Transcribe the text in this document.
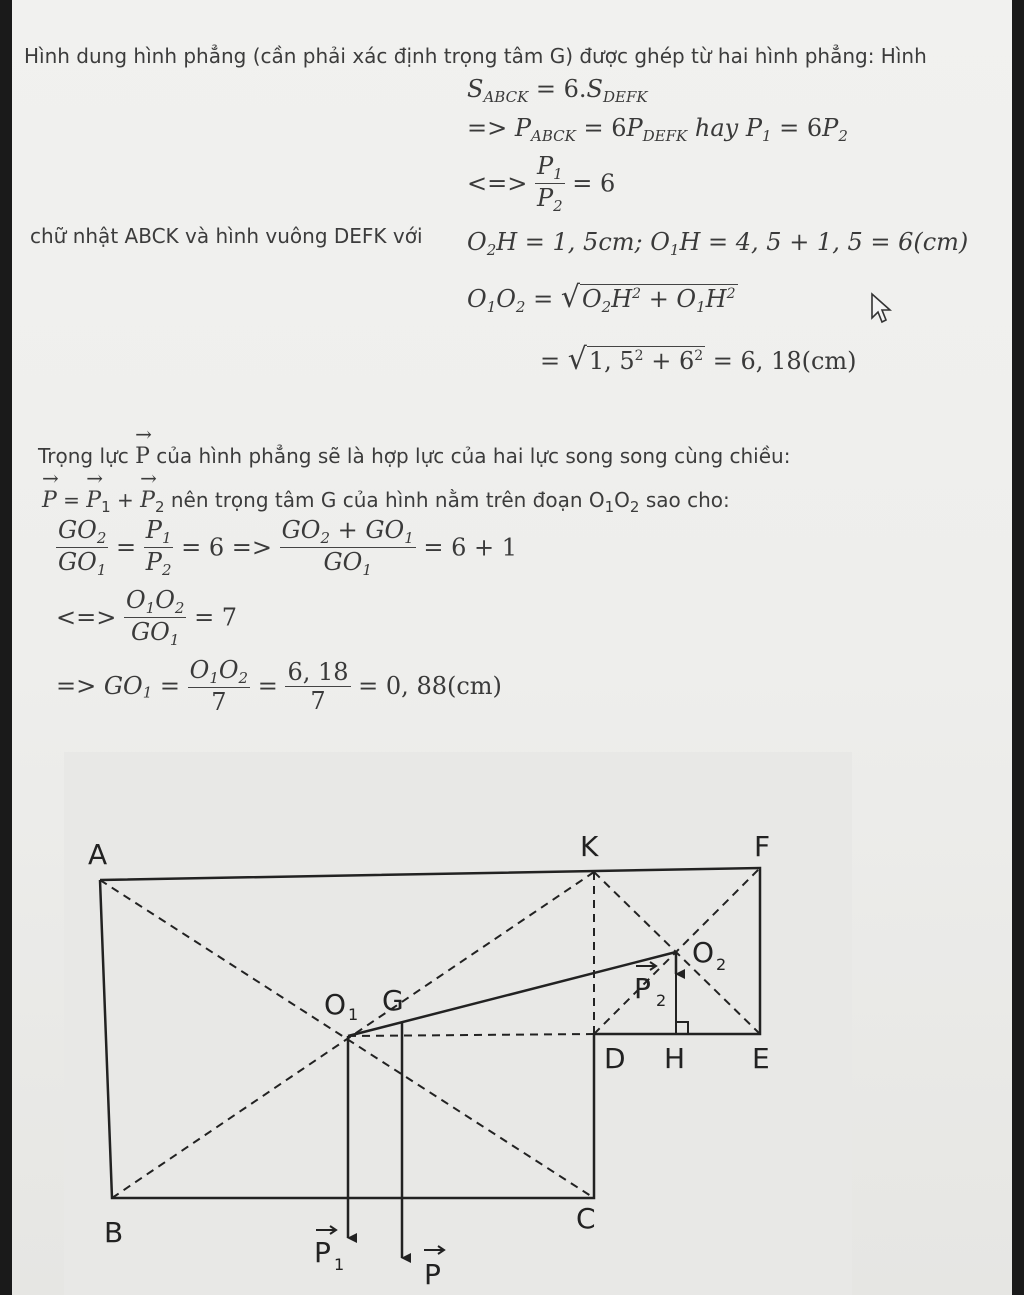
Hình dung hình phẳng (cần phải xác định trọng tâm G) được ghép từ hai hình phẳng: Hình
chữ nhật ABCK và hình vuông DEFK với
$S_{ABCK} = 6.S_{DEFK}$
=> $P_{ABCK} = 6P_{DEFK}$ hay $P_1 = 6P_2$
<=> $\frac{P_1}{P_2} = 6$
$O_2H = 1$, 5cm; $O_1H = 4$, 5 + 1, 5 = 6(cm)
$O_1O_2 = √O_2H^2 + O_1H^2$
= √1, $5^2 + 6^2 = 6$, 18(cm)
Trọng lực → P của hình phẳng sẽ là hợp lực của hai lực song song cùng chiều:
→ P = → $P_1$ + → $P_2$ nên trọng tâm G của hình nằm trên đoạn $O_1O_2$ sao cho:
$\frac{GO_2}{GO_1} = \frac{P_1}{P_2} = 6 => \frac{GO_2 + GO_1}{GO_1} = 6 + 1$
<=> $\frac{O_1O_2}{GO_1} = 7$
=> $GO_1 = \frac{O_1O_2}{7} = \frac{6, 18}{7} = 0$, 88(cm)
A	K	F
B	C
D H E
G
O 1
O 2
P 1	P
P 2
